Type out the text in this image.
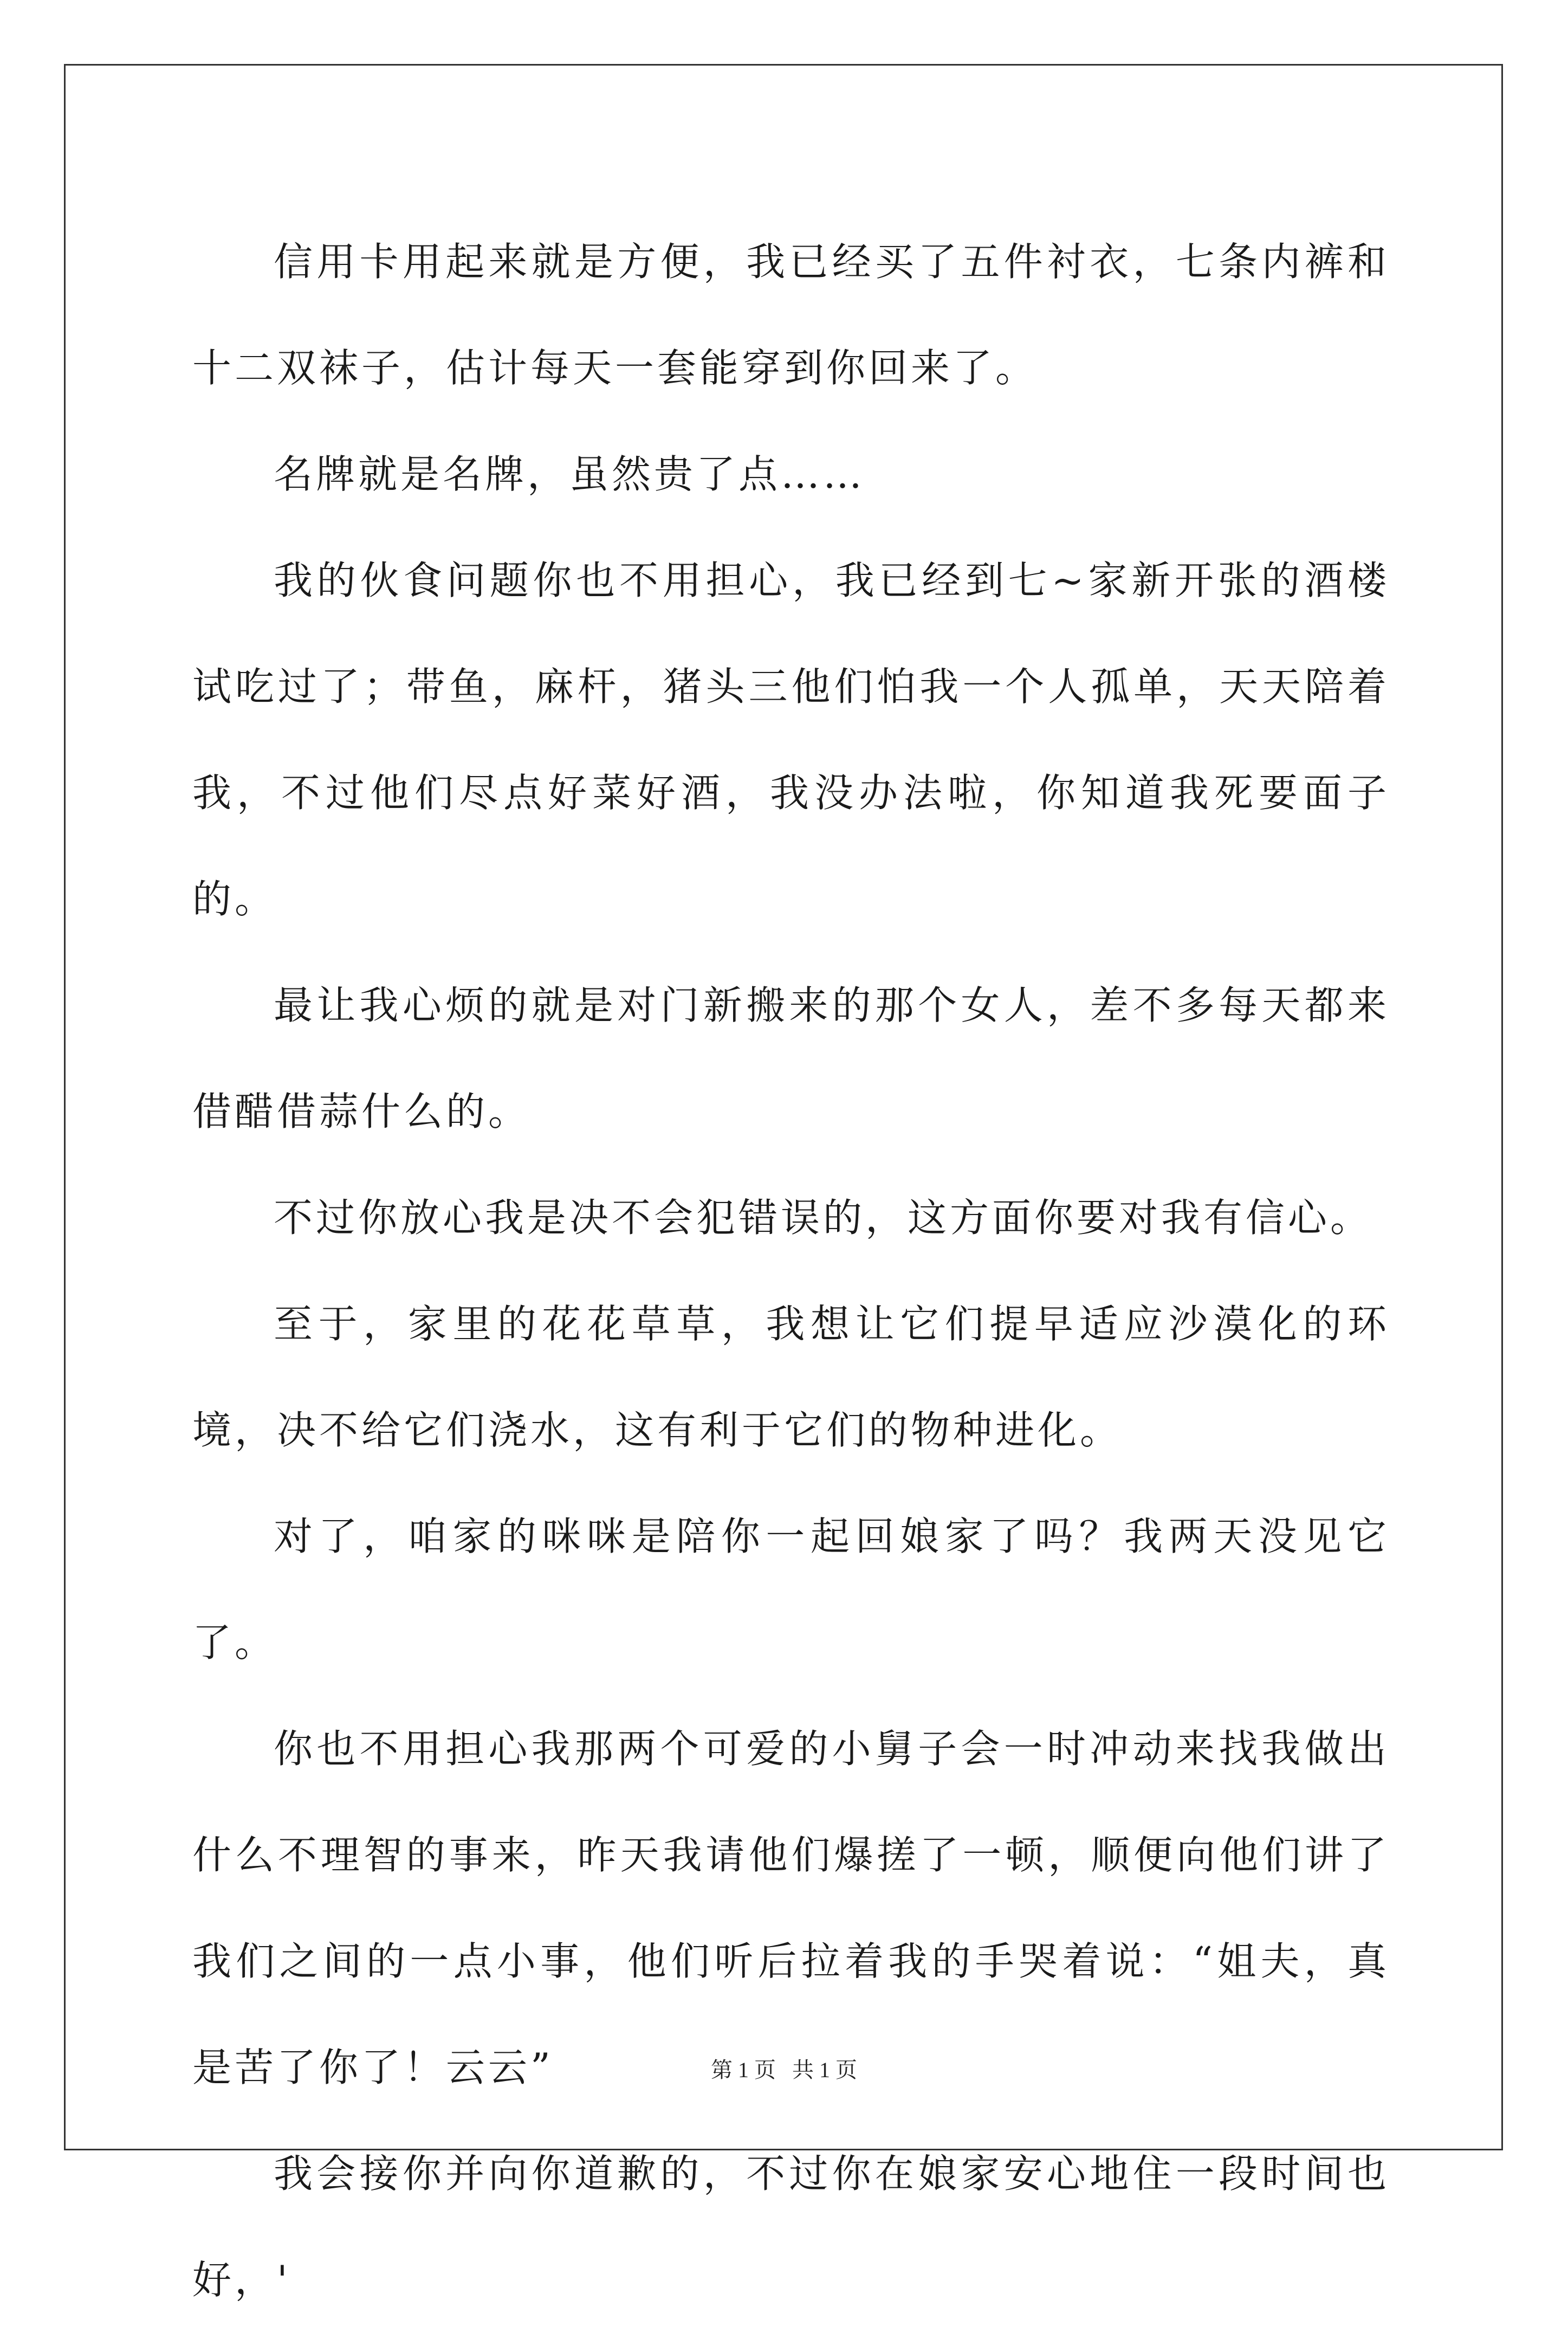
信用卡用起来就是方便，我已经买了五件衬衣，七条内裤和十二双袜子，估计每天一套能穿到你回来了。

名牌就是名牌，虽然贵了点……

我的伙食问题你也不用担心，我已经到七~家新开张的酒楼试吃过了；带鱼，麻杆，猪头三他们怕我一个人孤单，天天陪着我，不过他们尽点好菜好酒，我没办法啦，你知道我死要面子的。

最让我心烦的就是对门新搬来的那个女人，差不多每天都来借醋借蒜什么的。

不过你放心我是决不会犯错误的，这方面你要对我有信心。

至于，家里的花花草草，我想让它们提早适应沙漠化的环境，决不给它们浇水，这有利于它们的物种进化。

对了，咱家的咪咪是陪你一起回娘家了吗？我两天没见它了。

你也不用担心我那两个可爱的小舅子会一时冲动来找我做出什么不理智的事来，昨天我请他们爆搓了一顿，顺便向他们讲了我们之间的一点小事，他们听后拉着我的手哭着说：“姐夫，真是苦了你了！云云”

我会接你并向你道歉的，不过你在娘家安心地住一段时间也好，'

第 1 页   共 1 页
